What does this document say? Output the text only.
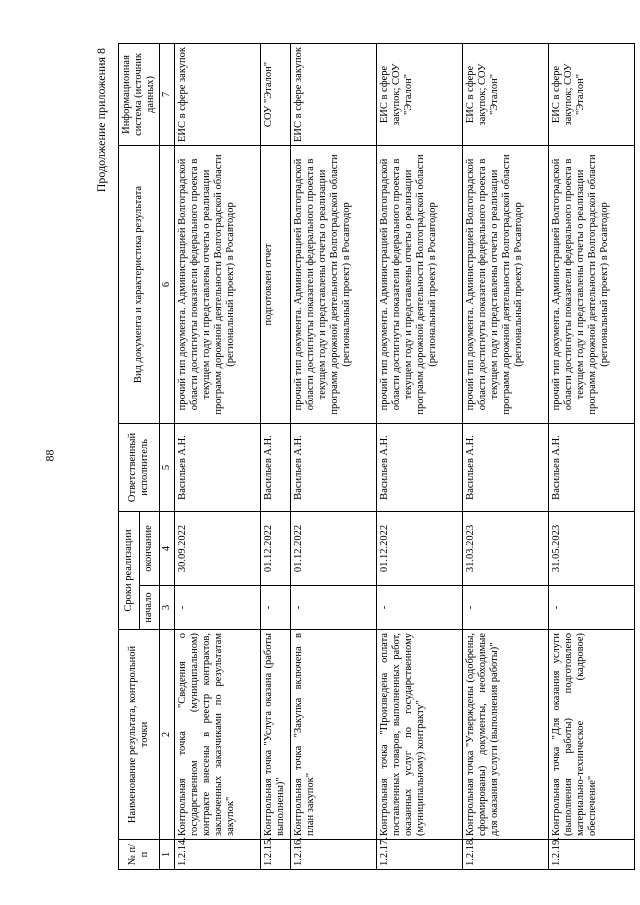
88
Продолжение приложения 8
№ п/п	Наименование результата, контрольной точки	Сроки реализации		Ответственный исполнитель	Вид документа и характеристика результата	Информационная система (источник данных)
		начало	окончание			
1	2	3	4	5	6	7
1.2.14.	Контрольная точка "Сведения о государственном (муниципальном) контракте внесены в реестр контрактов, заключенных заказчиками по результатам закупок"	-	30.09.2022	Васильев А.Н.	прочий тип документа. Администрацией Волгоградской области достигнуты показатели федерального проекта в текущем году и представлены отчеты о реализации программ дорожной деятельности Волгоградской области (региональный проект) в Росавтодор	ЕИС в сфере закупок
1.2.15.	Контрольная точка "Услуга оказана (работы выполнены)"	-	01.12.2022	Васильев А.Н.	подготовлен отчет	СОУ "Эталон"
1.2.16.	Контрольная точка "Закупка включена в план закупок"	-	01.12.2022	Васильев А.Н.	прочий тип документа. Администрацией Волгоградской области достигнуты показатели федерального проекта в текущем году и представлены отчеты о реализации программ дорожной деятельности Волгоградской области (региональный проект) в Росавтодор	ЕИС в сфере закупок
1.2.17.	Контрольная точка "Произведена оплата поставленных товаров, выполненных работ, оказанных услуг по государственному (муниципальному) контракту"	-	01.12.2022	Васильев А.Н.	прочий тип документа. Администрацией Волгоградской области достигнуты показатели федерального проекта в текущем году и представлены отчеты о реализации программ дорожной деятельности Волгоградской области (региональный проект) в Росавтодор	ЕИС в сфере закупок; СОУ "Эталон"
1.2.18.	Контрольная точка "Утверждены (одобрены, сформированы) документы, необходимые для оказания услуги (выполнения работы)"	-	31.03.2023	Васильев А.Н.	прочий тип документа. Администрацией Волгоградской области достигнуты показатели федерального проекта в текущем году и представлены отчеты о реализации программ дорожной деятельности Волгоградской области (региональный проект) в Росавтодор	ЕИС в сфере закупок; СОУ "Эталон"
1.2.19.	Контрольная точка "Для оказания услуги (выполнения работы) подготовлено материально-техническое (кадровое) обеспечение"	-	31.05.2023	Васильев А.Н.	прочий тип документа. Администрацией Волгоградской области достигнуты показатели федерального проекта в текущем году и представлены отчеты о реализации программ дорожной деятельности Волгоградской области (региональный проект) в Росавтодор	ЕИС в сфере закупок; СОУ "Эталон"
